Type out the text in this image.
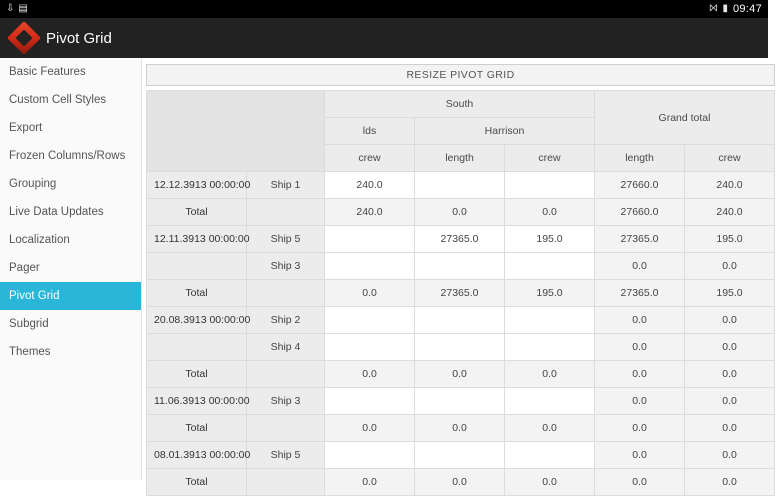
⇩ ▤	⨝ ▮ 09:47
Pivot Grid
Basic Features
Custom Cell Styles
Export
Frozen Columns/Rows
Grouping
Live Data Updates
Localization
Pager
Pivot Grid
Subgrid
Themes
RESIZE PIVOT GRID
		South			Grand total	
		lds	Harrison			
		crew	length	crew	length	crew
12.12.3913 00:00:00	Ship 1	240.0			27660.0	240.0
Total		240.0	0.0	0.0	27660.0	240.0
12.11.3913 00:00:00	Ship 5		27365.0	195.0	27365.0	195.0
	Ship 3				0.0	0.0
Total		0.0	27365.0	195.0	27365.0	195.0
20.08.3913 00:00:00	Ship 2				0.0	0.0
	Ship 4				0.0	0.0
Total		0.0	0.0	0.0	0.0	0.0
11.06.3913 00:00:00	Ship 3				0.0	0.0
Total		0.0	0.0	0.0	0.0	0.0
08.01.3913 00:00:00	Ship 5				0.0	0.0
Total		0.0	0.0	0.0	0.0	0.0
